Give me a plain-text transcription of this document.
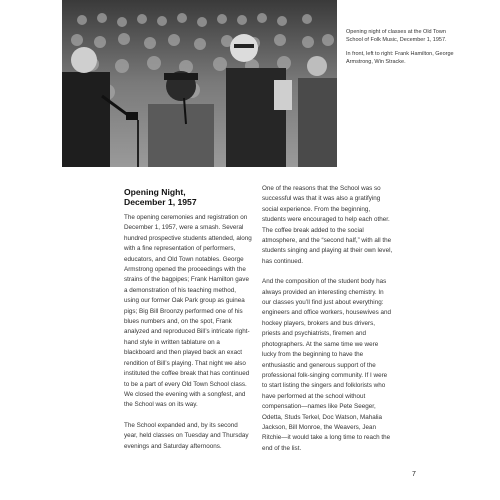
Opening night of classes at the Old Town School of Folk Music, December 1, 1957.

In front, left to right: Frank Hamilton, George Armstrong, Win Stracke.

Opening Night,
December 1, 1957

The opening ceremonies and registration on December 1, 1957, were a smash. Several hundred prospective students attended, along with a fine representation of performers, educators, and Old Town notables. George Armstrong opened the proceedings with the strains of the bagpipes; Frank Hamilton gave a demonstration of his teaching method, using our former Oak Park group as guinea pigs; Big Bill Broonzy performed one of his blues numbers and, on the spot, Frank analyzed and reproduced Bill’s intricate right-hand style in written tablature on a blackboard and then played back an exact rendition of Bill’s playing. That night we also instituted the coffee break that has continued to be a part of every Old Town School class. We closed the evening with a songfest, and the School was on its way.

The School expanded and, by its second year, held classes on Tuesday and Thursday evenings and Saturday afternoons.

One of the reasons that the School was so successful was that it was also a gratifying social experience. From the beginning, students were encouraged to help each other. The coffee break added to the social atmosphere, and the “second half,” with all the students singing and playing at their own level, has continued.

And the composition of the student body has always provided an interesting chemistry. In our classes you’ll find just about everything: engineers and office workers, housewives and hockey players, brokers and bus drivers, priests and psychiatrists, firemen and photographers. At the same time we were lucky from the beginning to have the enthusiastic and generous support of the professional folk-singing community. If I were to start listing the singers and folklorists who have performed at the school without compensation—names like Pete Seeger, Odetta, Studs Terkel, Doc Watson, Mahalia Jackson, Bill Monroe, the Weavers, Jean Ritchie—it would take a long time to reach the end of the list.

7
